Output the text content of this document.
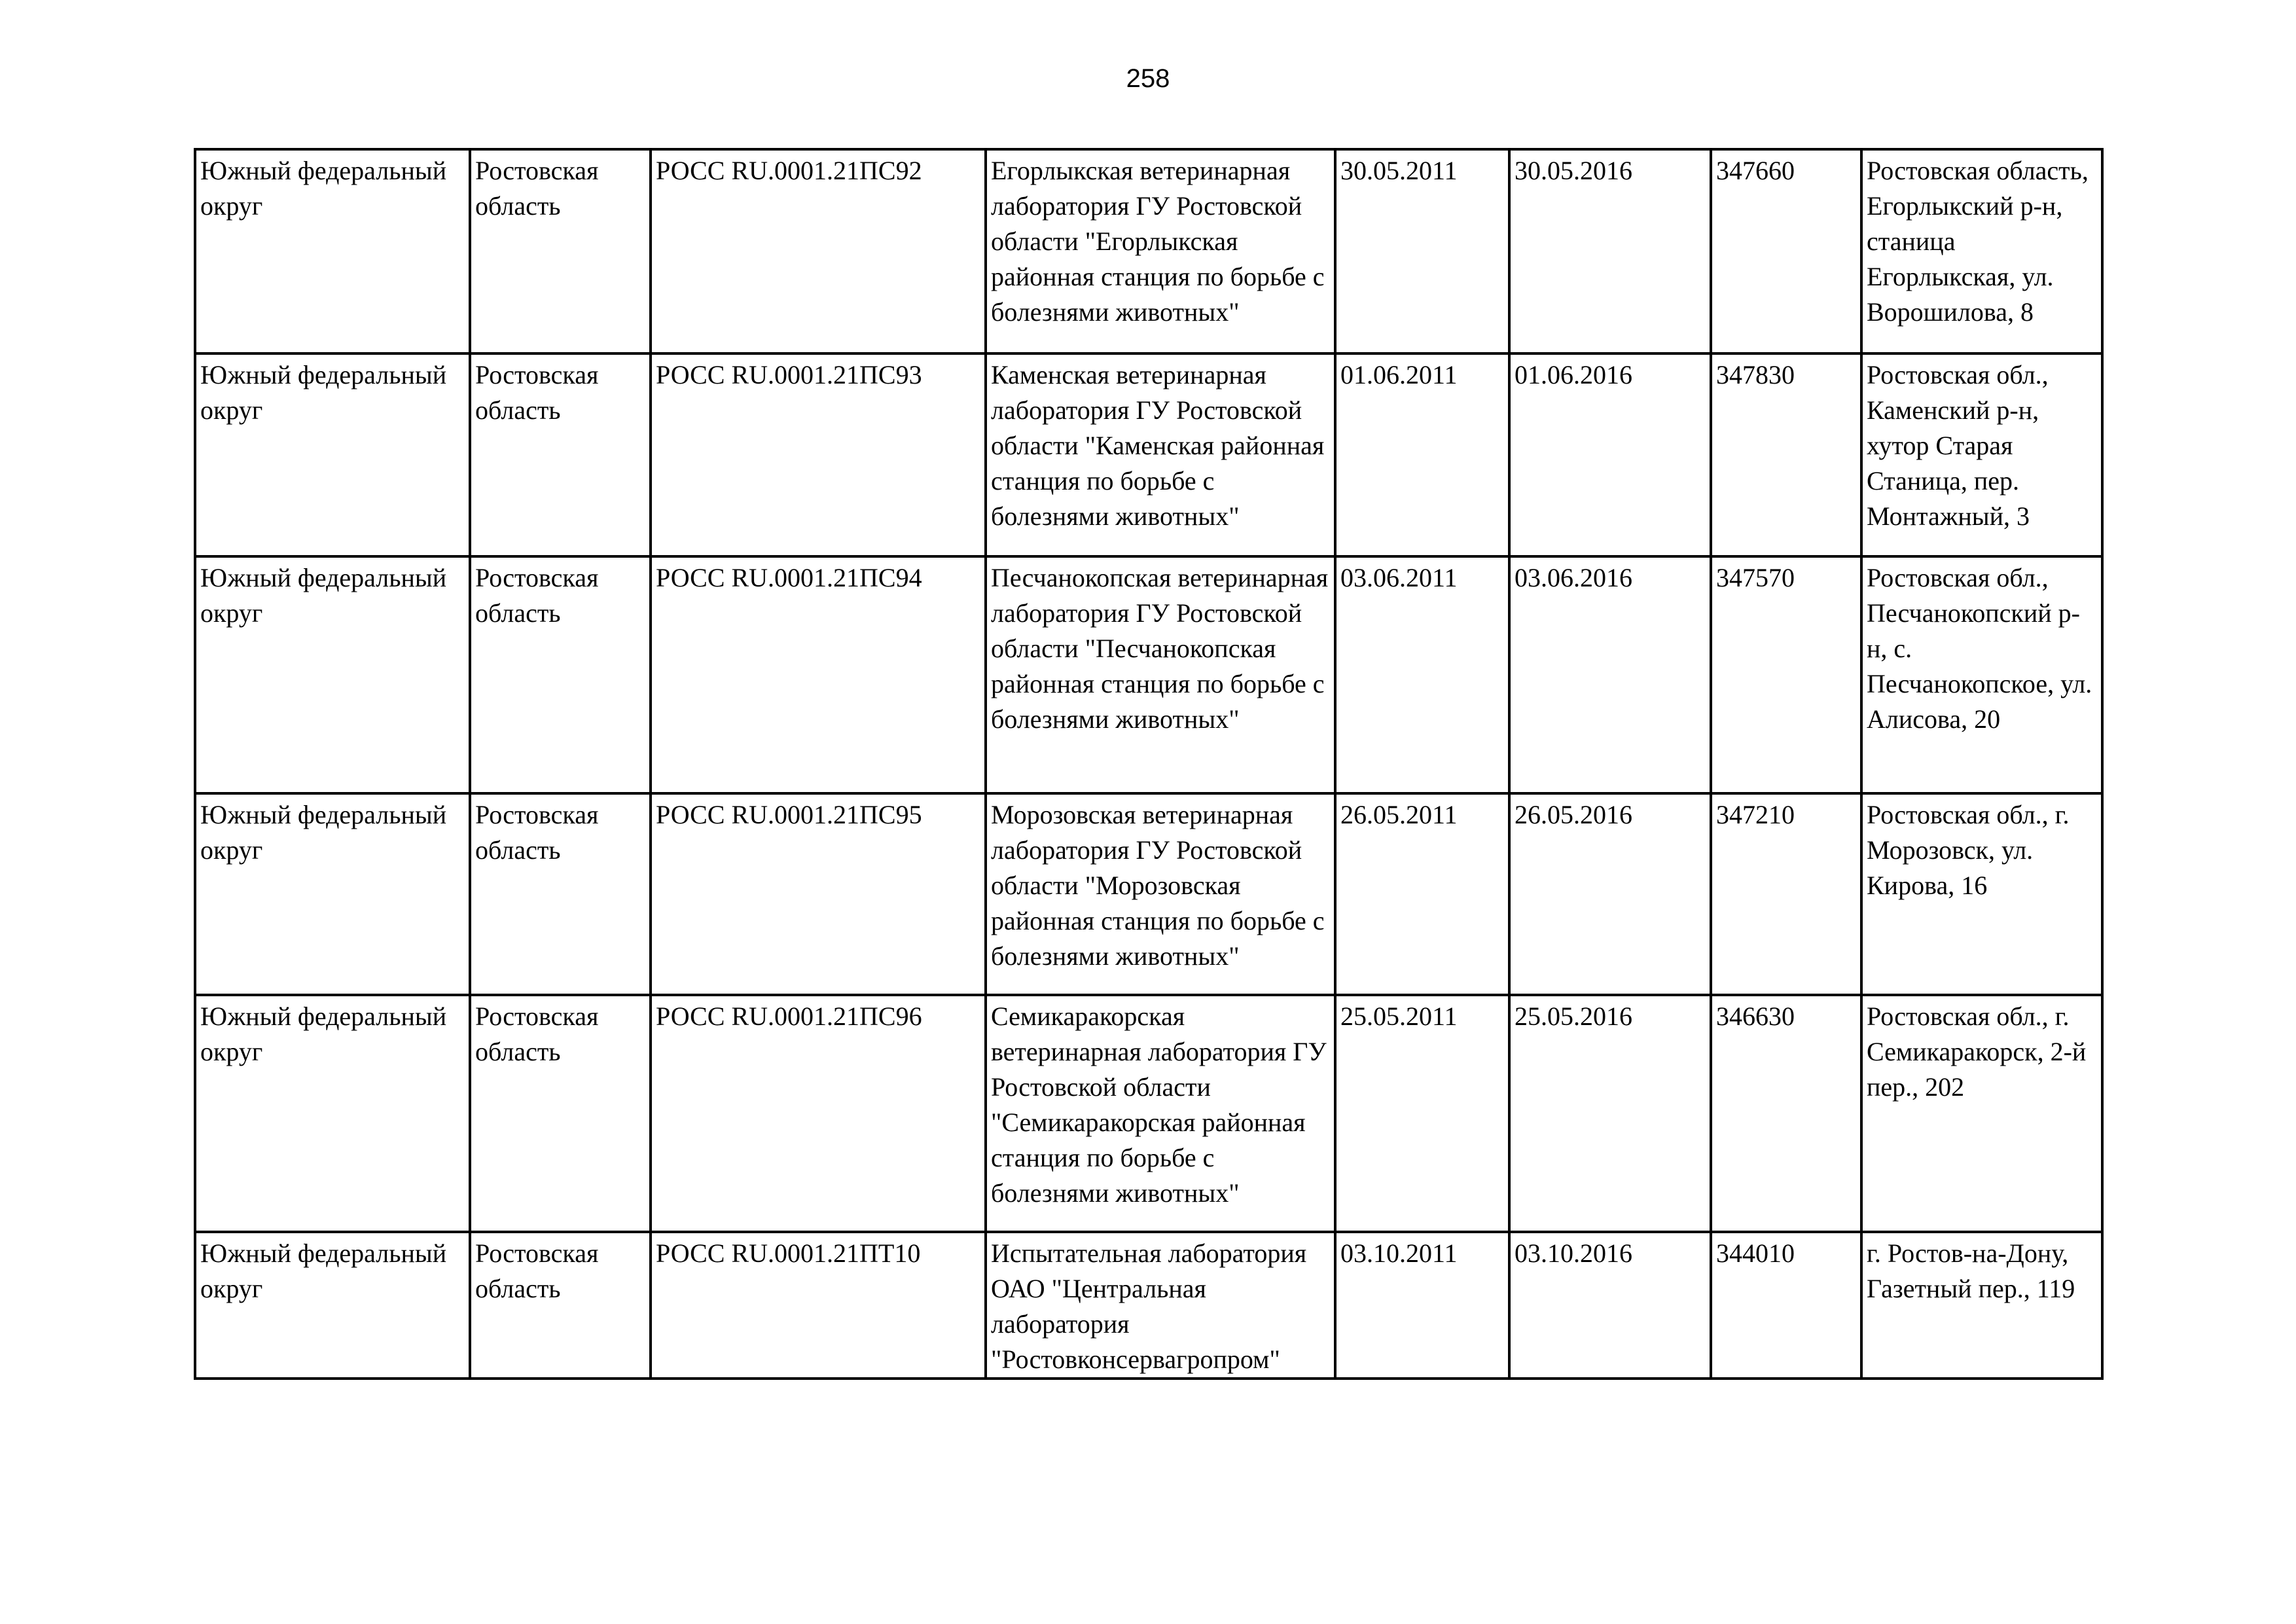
258
Южный федеральный округ	Ростовская область	РОСС RU.0001.21ПС92	Егорлыкская ветеринарная лаборатория ГУ Ростовской области "Егорлыкская районная станция по борьбе с болезнями животных"	30.05.2011	30.05.2016	347660	Ростовская область, Егорлыкский р-н, станица Егорлыкская, ул. Ворошилова, 8
Южный федеральный округ	Ростовская область	РОСС RU.0001.21ПС93	Каменская ветеринарная лаборатория ГУ Ростовской области "Каменская районная станция по борьбе с болезнями животных"	01.06.2011	01.06.2016	347830	Ростовская обл., Каменский р-н, хутор Старая Станица, пер. Монтажный, 3
Южный федеральный округ	Ростовская область	РОСС RU.0001.21ПС94	Песчанокопская ветеринарная лаборатория ГУ Ростовской области "Песчанокопская районная станция по борьбе с болезнями животных"	03.06.2011	03.06.2016	347570	Ростовская обл., Песчанокопский р-н, с. Песчанокопское, ул. Алисова, 20
Южный федеральный округ	Ростовская область	РОСС RU.0001.21ПС95	Морозовская ветеринарная лаборатория ГУ Ростовской области "Морозовская районная станция по борьбе с болезнями животных"	26.05.2011	26.05.2016	347210	Ростовская обл., г. Морозовск, ул. Кирова, 16
Южный федеральный округ	Ростовская область	РОСС RU.0001.21ПС96	Семикаракорская ветеринарная лаборатория ГУ Ростовской области "Семикаракорская районная станция по борьбе с болезнями животных"	25.05.2011	25.05.2016	346630	Ростовская обл., г. Семикаракорск, 2-й пер., 202
Южный федеральный округ	Ростовская область	РОСС RU.0001.21ПТ10	Испытательная лаборатория ОАО "Центральная лаборатория "Ростовконсервагропром"	03.10.2011	03.10.2016	344010	г. Ростов-на-Дону, Газетный пер., 119
